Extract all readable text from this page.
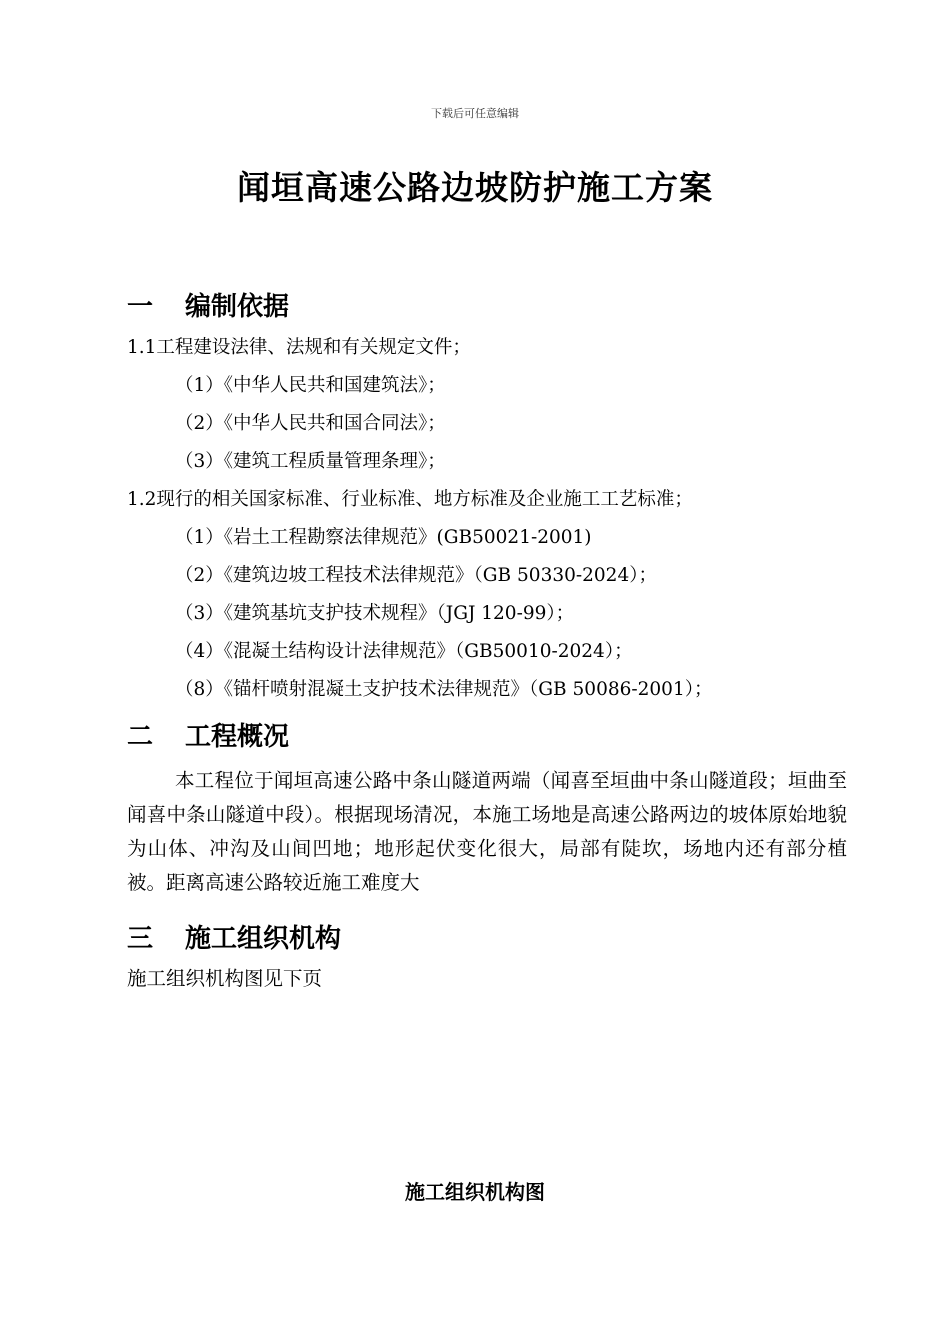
下载后可任意编辑
闻垣高速公路边坡防护施工方案
一 编制依据
1.1工程建设法律、法规和有关规定文件；
（1）《中华人民共和国建筑法》；
（2）《中华人民共和国合同法》；
（3）《建筑工程质量管理条理》；
1.2现行的相关国家标准、行业标准、地方标准及企业施工工艺标准；
（1）《岩土工程勘察法律规范》(GB50021-2001)
（2）《建筑边坡工程技术法律规范》（GB 50330-2024）；
（3）《建筑基坑支护技术规程》（JGJ 120-99）；
（4）《混凝土结构设计法律规范》（GB50010-2024）；
（8）《锚杆喷射混凝土支护技术法律规范》（GB 50086-2001）；
二 工程概况
本工程位于闻垣高速公路中条山隧道两端（闻喜至垣曲中条山隧道段；垣曲至闻喜中条山隧道中段）。根据现场清况，本施工场地是高速公路两边的坡体原始地貌为山体、冲沟及山间凹地；地形起伏变化很大，局部有陡坎，场地内还有部分植被。距离高速公路较近施工难度大
三 施工组织机构
施工组织机构图见下页
施工组织机构图
